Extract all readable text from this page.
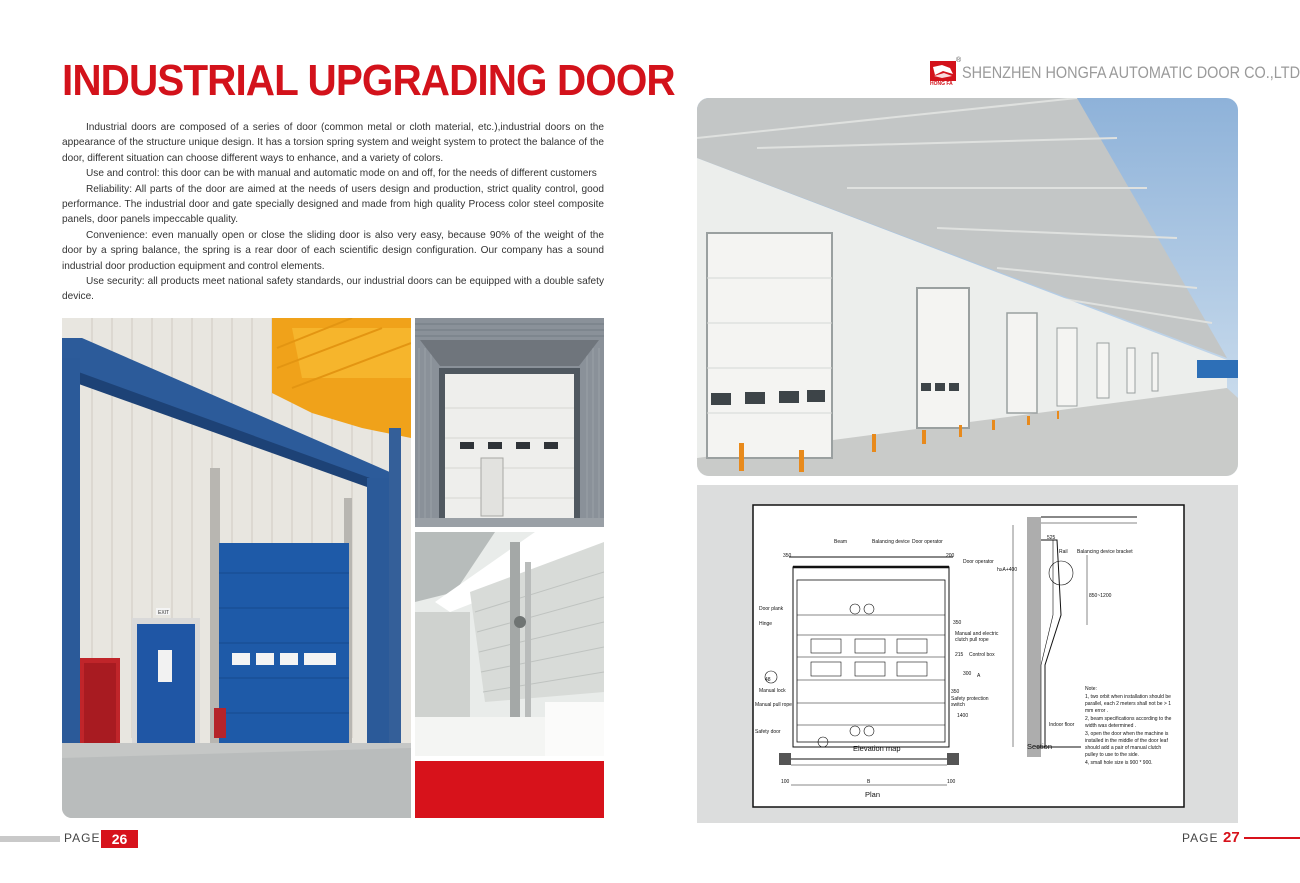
INDUSTRIAL UPGRADING DOOR	HONG FA
®
SHENZHEN HONGFA AUTOMATIC DOOR CO.,LTD

Industrial doors are composed of a series of door (common metal or cloth material, etc.),industrial doors on the appearance of the structure unique design. It has a torsion spring system and weight system to protect the balance of the door, different situation can choose different ways to enhance, and a variety of colors.

Use and control: this door can be with manual and automatic mode on and off, for the needs of different customers

Reliability: All parts of the door are aimed at the needs of users design and production, strict quality control, good performance. The industrial door and gate specially designed and made from high quality Process color steel composite panels, door panels impeccable quality.

Convenience: even manually open or close the sliding door is also very easy, because 90% of the weight of the door by a spring balance, the spring is a rear door of each scientific design configuration. Our company has a sound industrial door production equipment and control elements.

Use security: all products meet national safety standards, our industrial doors can be equipped with a double safety device.

EXIT
Beam	Balancing device Door operator
Door operator
Door plank
Hinge
Manual and electric
clutch pull rope
Control box
Manual lock
Manual pull rope
Safety protection
switch
Safety door
Elevation map
Plan
Section
Rail Balancing device bracket
Indoor floor
350	200
350
215
300
350
1400
100	100
B
A
525
h≥A+400
850~1200
48
Note:
1, two orbit when installation should be
parallel, each 2 meters shall not be > 1
mm error .
2, beam specifications according to the
width was determined .
3, open the door when the machine is
installed in the middle of the door leaf
should add a pair of manual clutch
pulley to use to the side.
4, small hole size is 900 * 900.
PAGE 26	PAGE 27
